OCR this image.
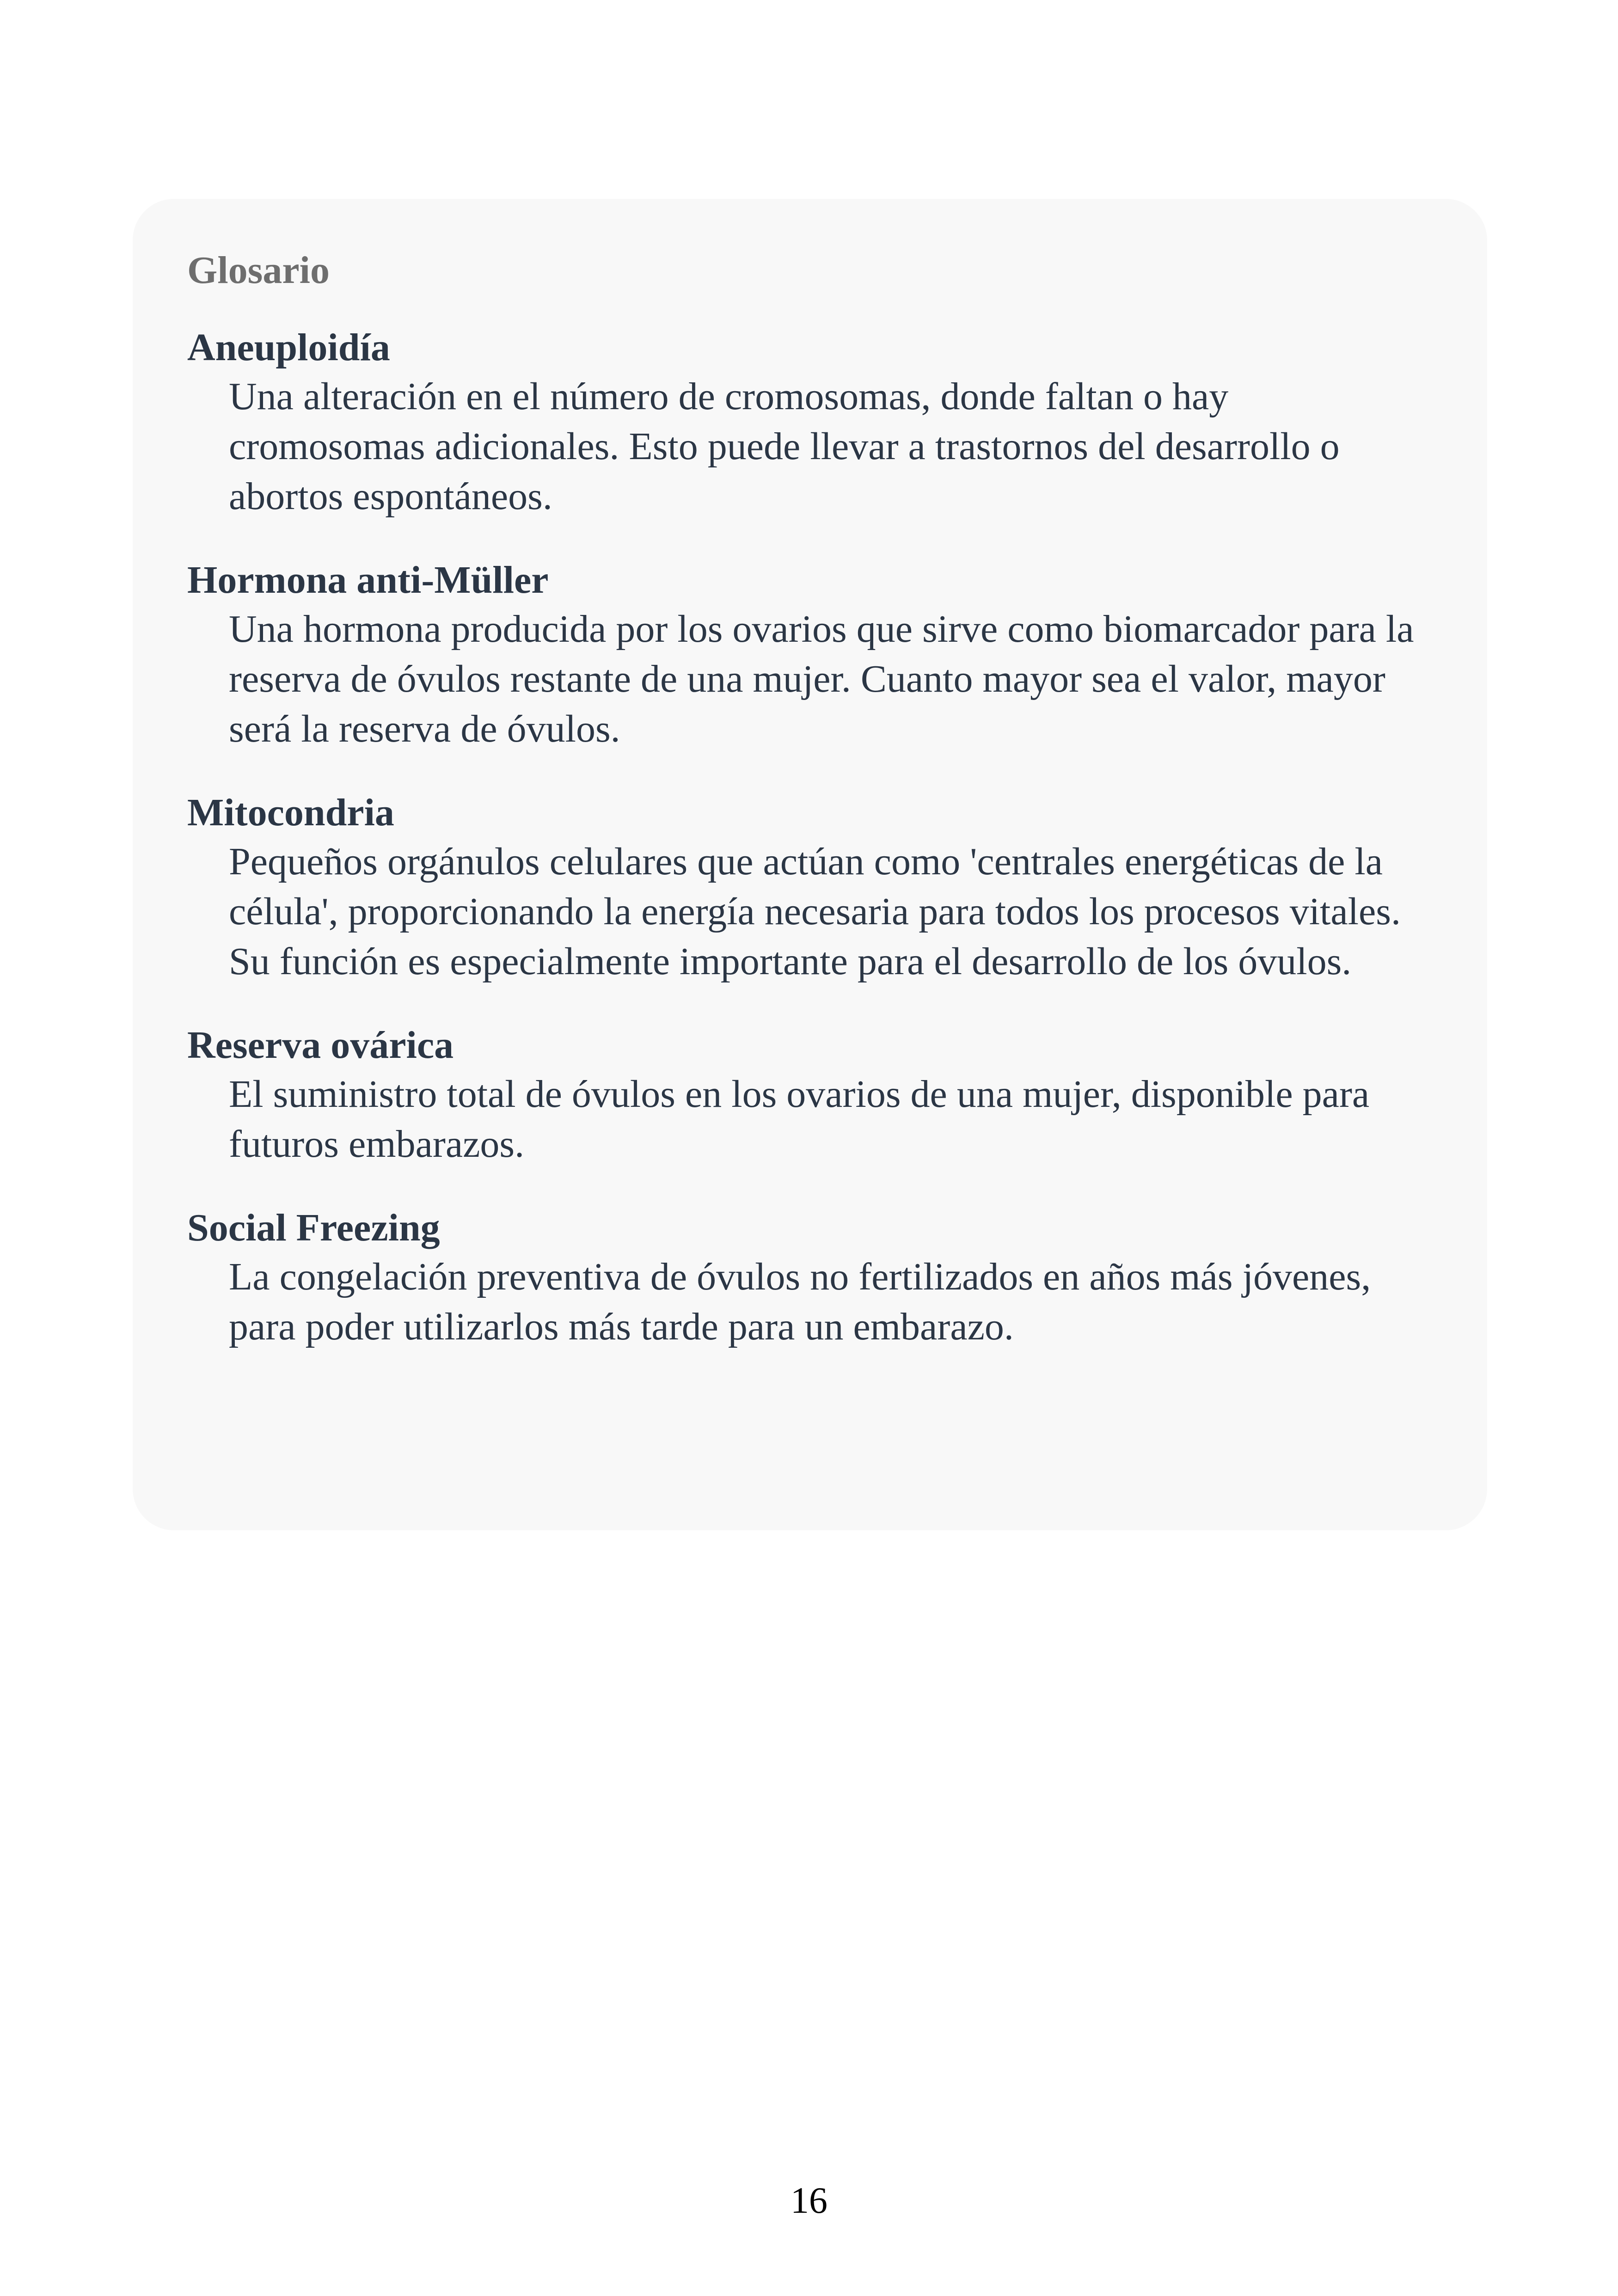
Glosario
Aneuploidía
Una alteración en el número de cromosomas, donde faltan o hay cromosomas adicionales. Esto puede llevar a trastornos del desarrollo o abortos espontáneos.
Hormona anti-Müller
Una hormona producida por los ovarios que sirve como biomarcador para la reserva de óvulos restante de una mujer. Cuanto mayor sea el valor, mayor será la reserva de óvulos.
Mitocondria
Pequeños orgánulos celulares que actúan como 'centrales energéticas de la célula', proporcionando la energía necesaria para todos los procesos vitales. Su función es especialmente importante para el desarrollo de los óvulos.
Reserva ovárica
El suministro total de óvulos en los ovarios de una mujer, disponible para futuros embarazos.
Social Freezing
La congelación preventiva de óvulos no fertilizados en años más jóvenes, para poder utilizarlos más tarde para un embarazo.
16
